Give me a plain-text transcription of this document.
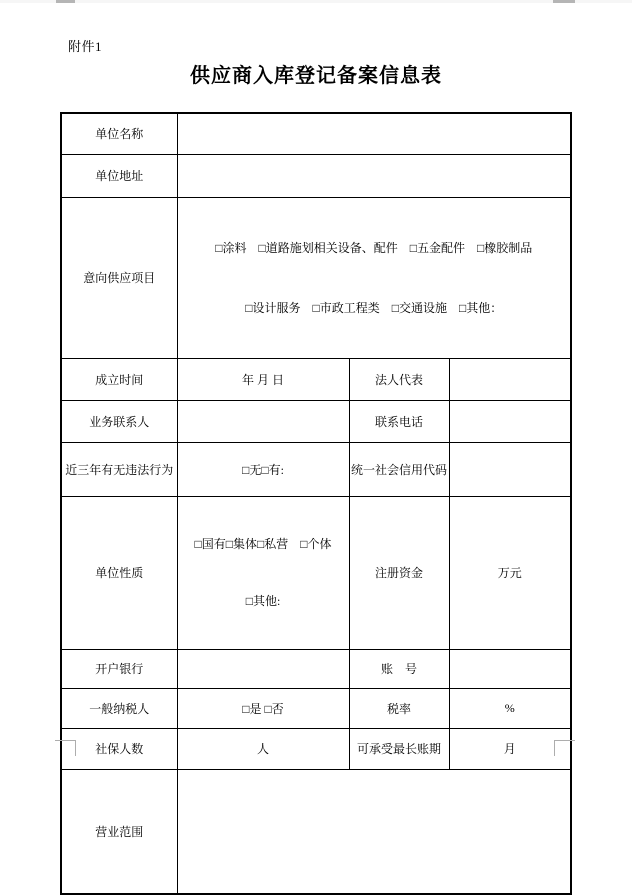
附件1
供应商入库登记备案信息表
单位名称			
单位地址			
意向供应项目	□涂料　□道路施划相关设备、配件　□五金配件　□橡胶制品

□设计服务　□市政工程类　□交通设施　□其他：		

成立时间	年 月 日	法人代表	
业务联系人		联系电话	
近三年有无违法行为	□无□有:	统一社会信用代码	
单位性质	□国有□集体□私营　□个体

□其他:	注册资金	万元
开户银行		账　号	
一般纳税人	□是 □否	税率	%
社保人数	人	可承受最长账期	月
营业范围			
